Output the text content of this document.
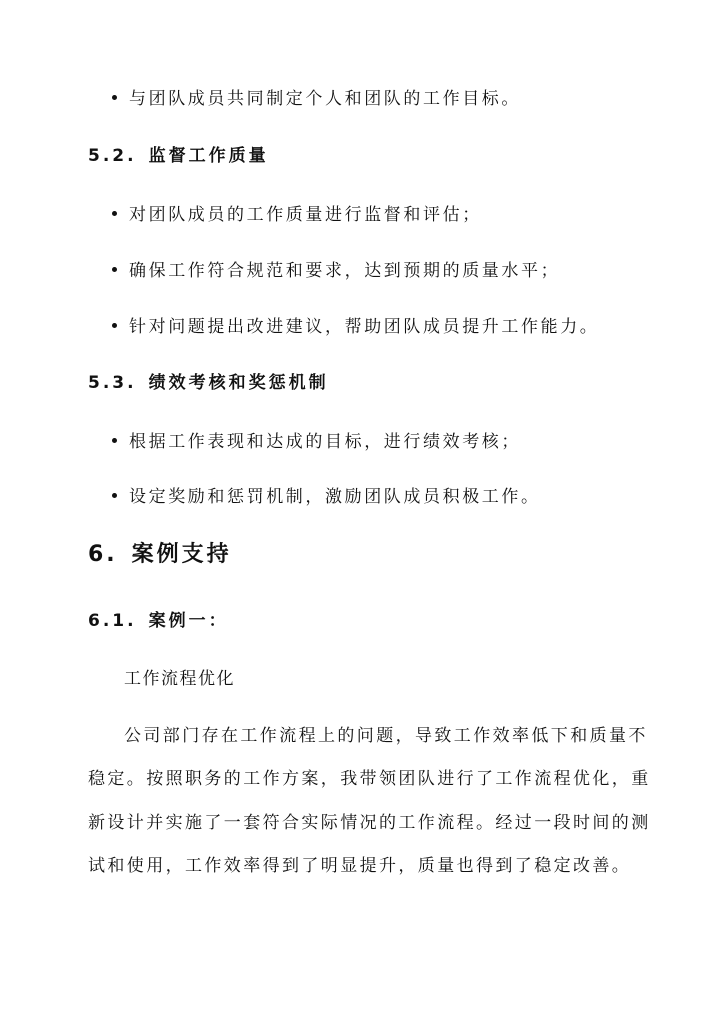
与团队成员共同制定个人和团队的工作目标。
5.2. 监督工作质量
对团队成员的工作质量进行监督和评估；
确保工作符合规范和要求，达到预期的质量水平；
针对问题提出改进建议，帮助团队成员提升工作能力。
5.3. 绩效考核和奖惩机制
根据工作表现和达成的目标，进行绩效考核；
设定奖励和惩罚机制，激励团队成员积极工作。
6. 案例支持
6.1. 案例一：
工作流程优化
公司部门存在工作流程上的问题，导致工作效率低下和质量不
稳定。按照职务的工作方案，我带领团队进行了工作流程优化，重
新设计并实施了一套符合实际情况的工作流程。经过一段时间的测
试和使用，工作效率得到了明显提升，质量也得到了稳定改善。
